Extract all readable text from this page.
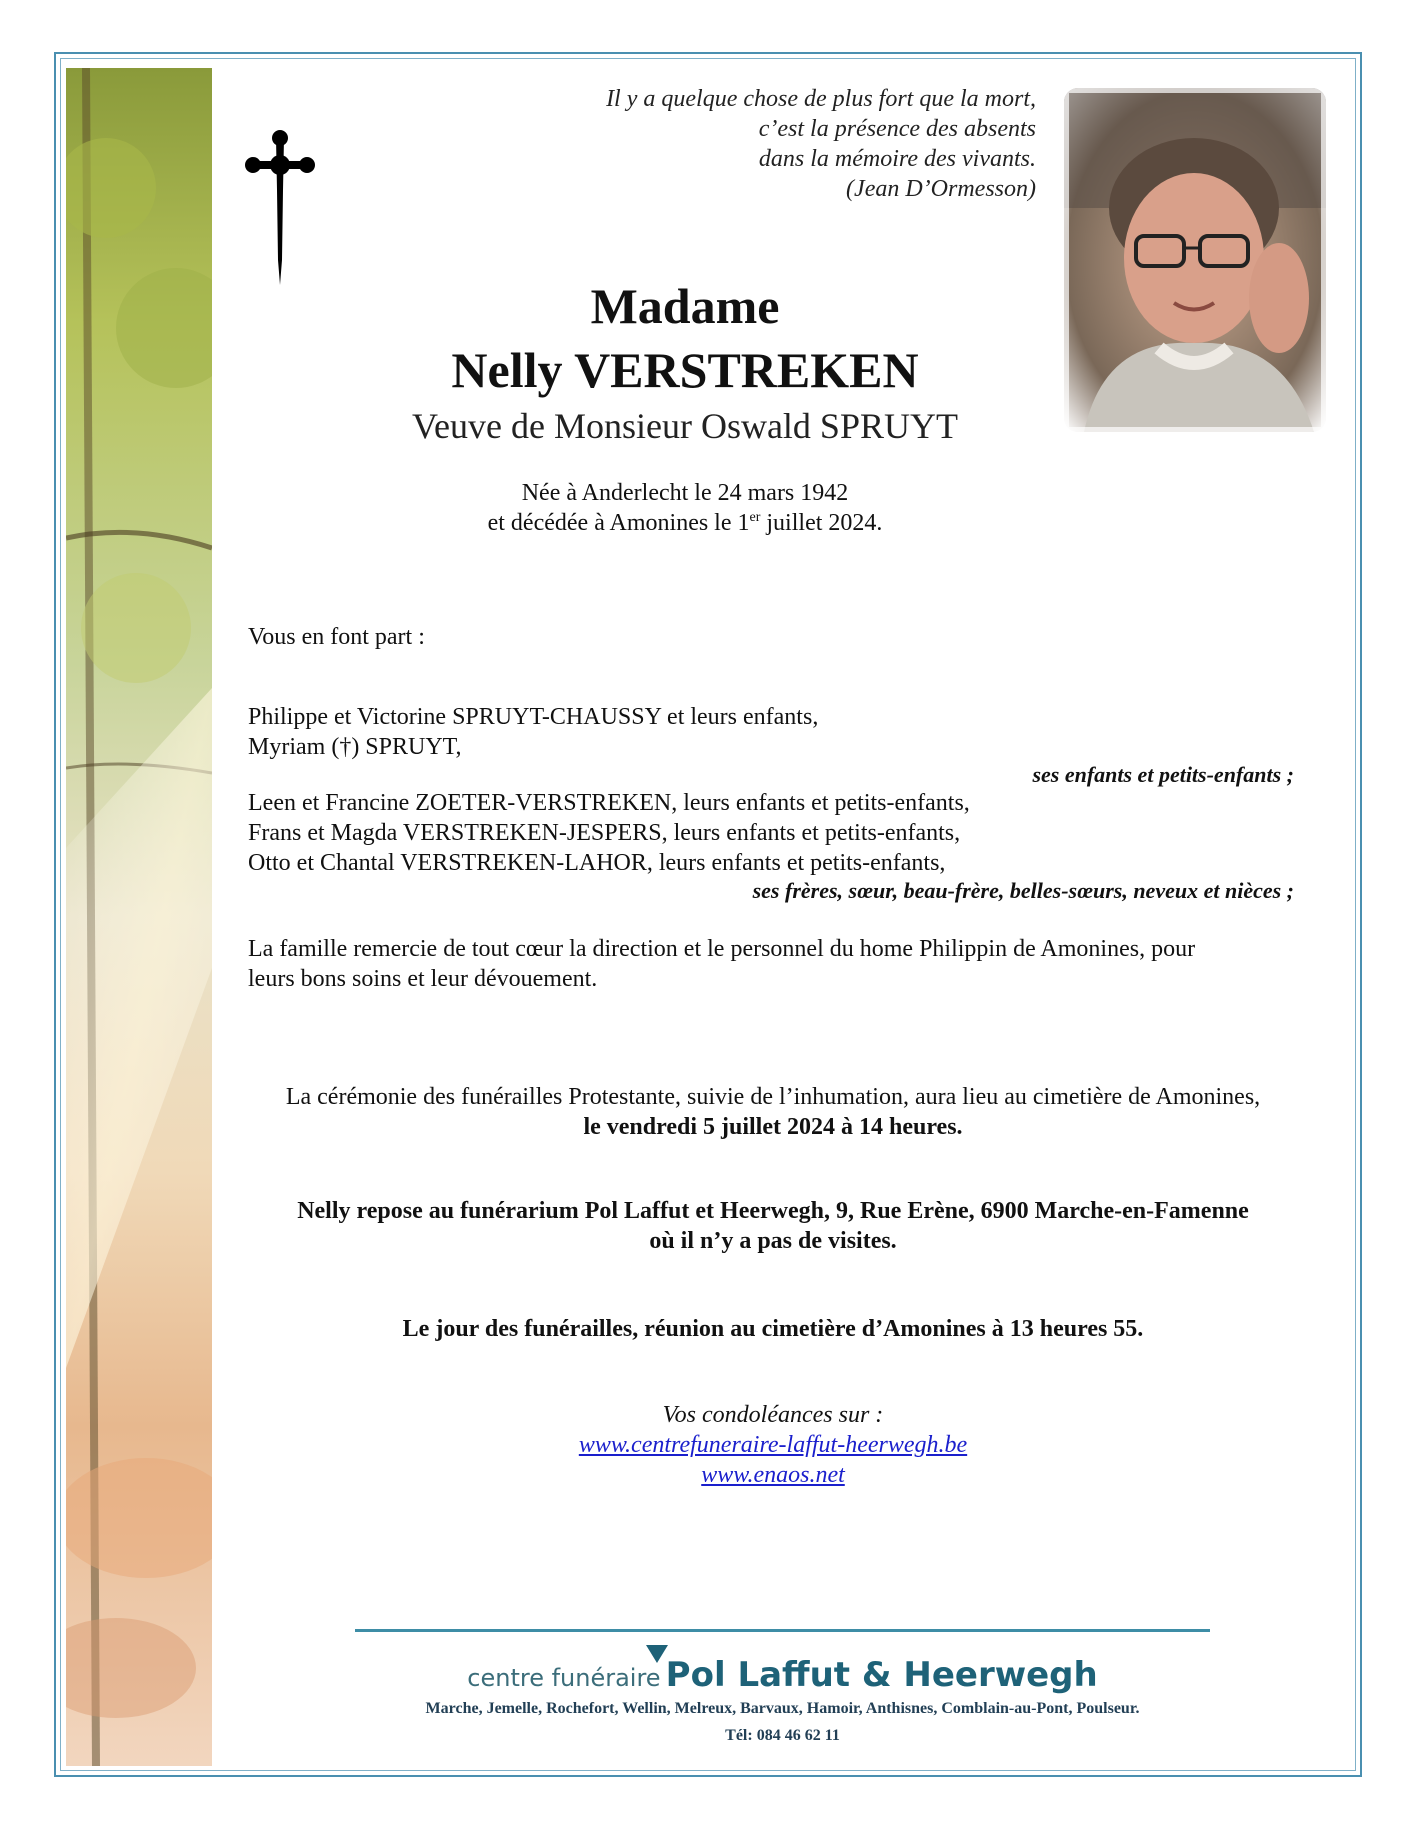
Il y a quelque chose de plus fort que la mort,
c’est la présence des absents
dans la mémoire des vivants.
(Jean D’Ormesson)
Madame
Nelly VERSTREKEN
Veuve de Monsieur Oswald SPRUYT
Née à Anderlecht le 24 mars 1942
et décédée à Amonines le 1er juillet 2024.
Vous en font part :
Philippe et Victorine SPRUYT-CHAUSSY et leurs enfants,
Myriam (†) SPRUYT,
ses enfants et petits-enfants ;
Leen et Francine ZOETER-VERSTREKEN, leurs enfants et petits-enfants,
Frans et Magda VERSTREKEN-JESPERS, leurs enfants et petits-enfants,
Otto et Chantal VERSTREKEN-LAHOR, leurs enfants et petits-enfants,
ses frères, sœur, beau-frère, belles-sœurs, neveux et nièces ;
La famille remercie de tout cœur la direction et le personnel du home Philippin de Amonines, pour
leurs bons soins et leur dévouement.
La cérémonie des funérailles Protestante, suivie de l’inhumation, aura lieu au cimetière de Amonines,
le vendredi 5 juillet 2024 à 14 heures.
Nelly repose au funérarium Pol Laffut et Heerwegh, 9, Rue Erène, 6900 Marche-en-Famenne
où il n’y a pas de visites.
Le jour des funérailles, réunion au cimetière d’Amonines à 13 heures 55.
Vos condoléances sur :
www.centrefuneraire-laffut-heerwegh.be
www.enaos.net
centre funéraire Pol Laffut & Heerwegh
Marche, Jemelle, Rochefort, Wellin, Melreux, Barvaux, Hamoir, Anthisnes, Comblain-au-Pont, Poulseur.
Tél: 084 46 62 11
